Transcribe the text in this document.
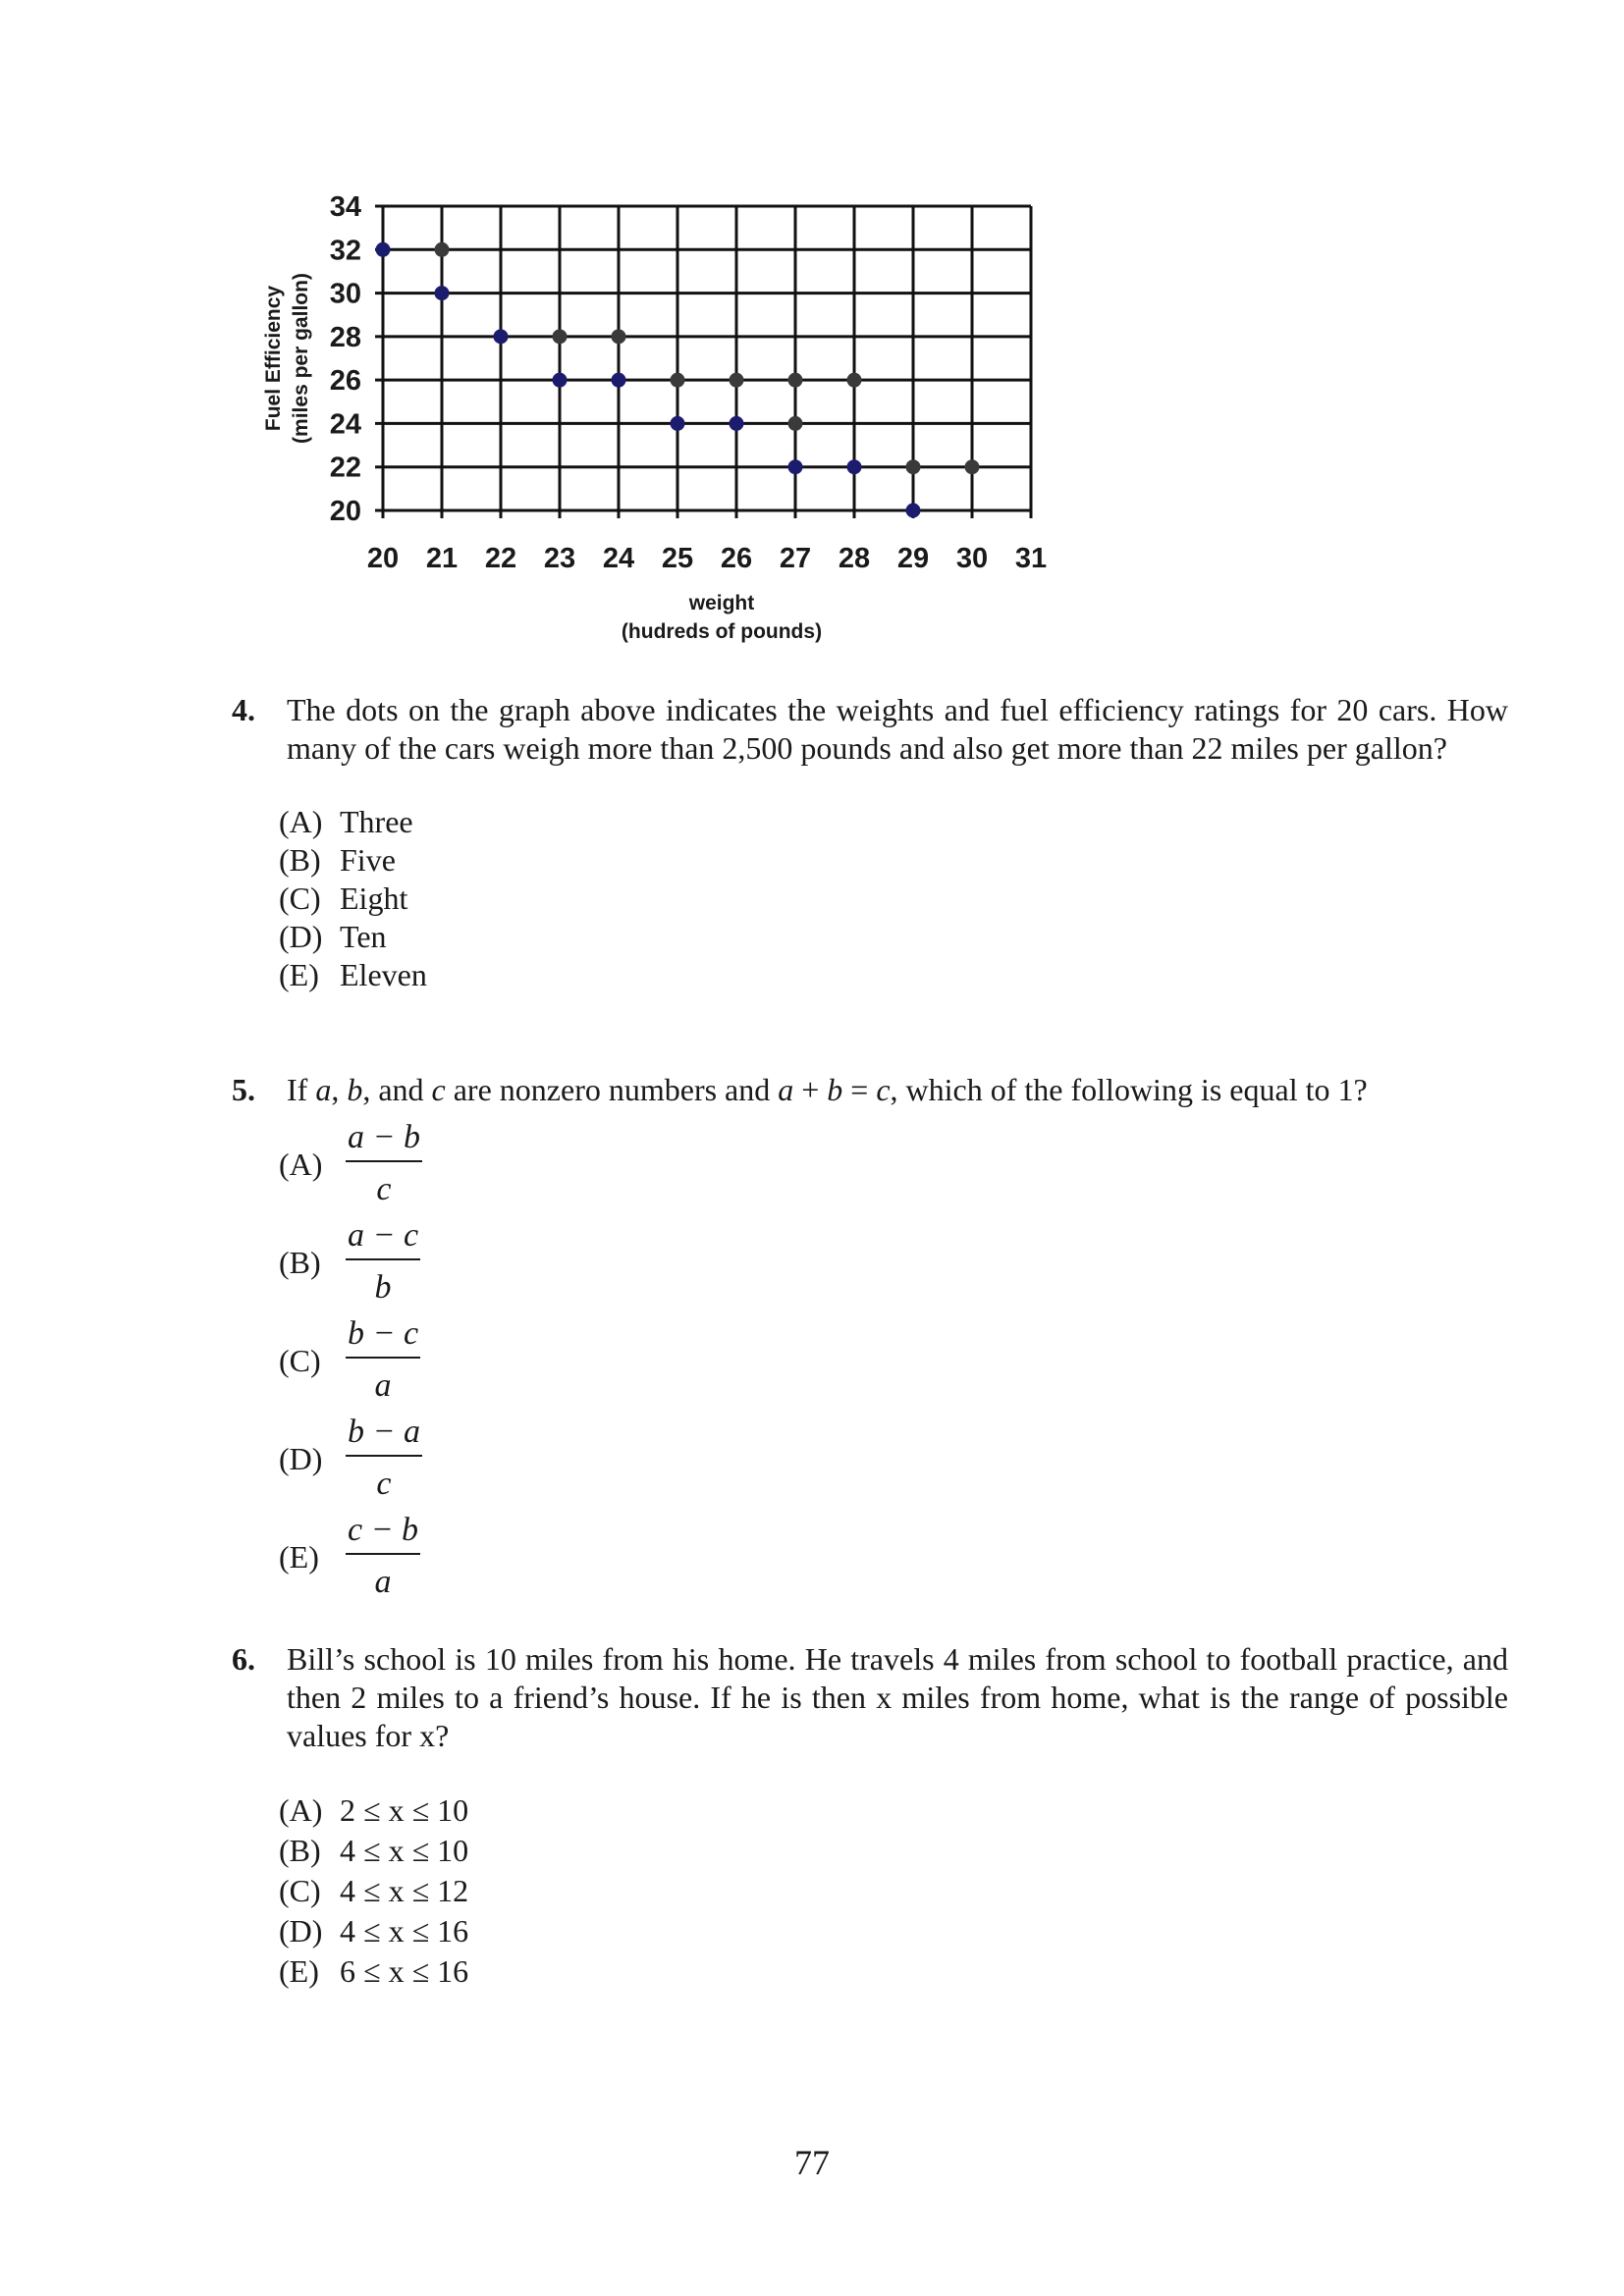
20
22
24
26
28
30
32
34
20 21 22 23 24 25 26 27 28 29 30 31
weight
(hudreds of pounds)
Fuel Efficiency (miles per gallon)
4. The dots on the graph above indicates the weights and fuel efficiency ratings for 20 cars. How many of the cars weigh more than 2,500 pounds and also get more than 22 miles per gallon?
(A) Three
(B) Five
(C) Eight
(D) Ten
(E) Eleven
5. If a, b, and c are nonzero numbers and a + b = c, which of the following is equal to 1?
$(A) \frac{a - b}{c}$
$(B) \frac{a - c}{b}$
$(C) \frac{b - c}{a}$
$(D) \frac{b - a}{c}$
$(E) \frac{c - b}{a}$
6. Bill’s school is 10 miles from his home. He travels 4 miles from school to football practice, and then 2 miles to a friend’s house. If he is then x miles from home, what is the range of possible values for x?
(A) 2 ≤ x ≤ 10
(B) 4 ≤ x ≤ 10
(C) 4 ≤ x ≤ 12
(D) 4 ≤ x ≤ 16
(E) 6 ≤ x ≤ 16
77
